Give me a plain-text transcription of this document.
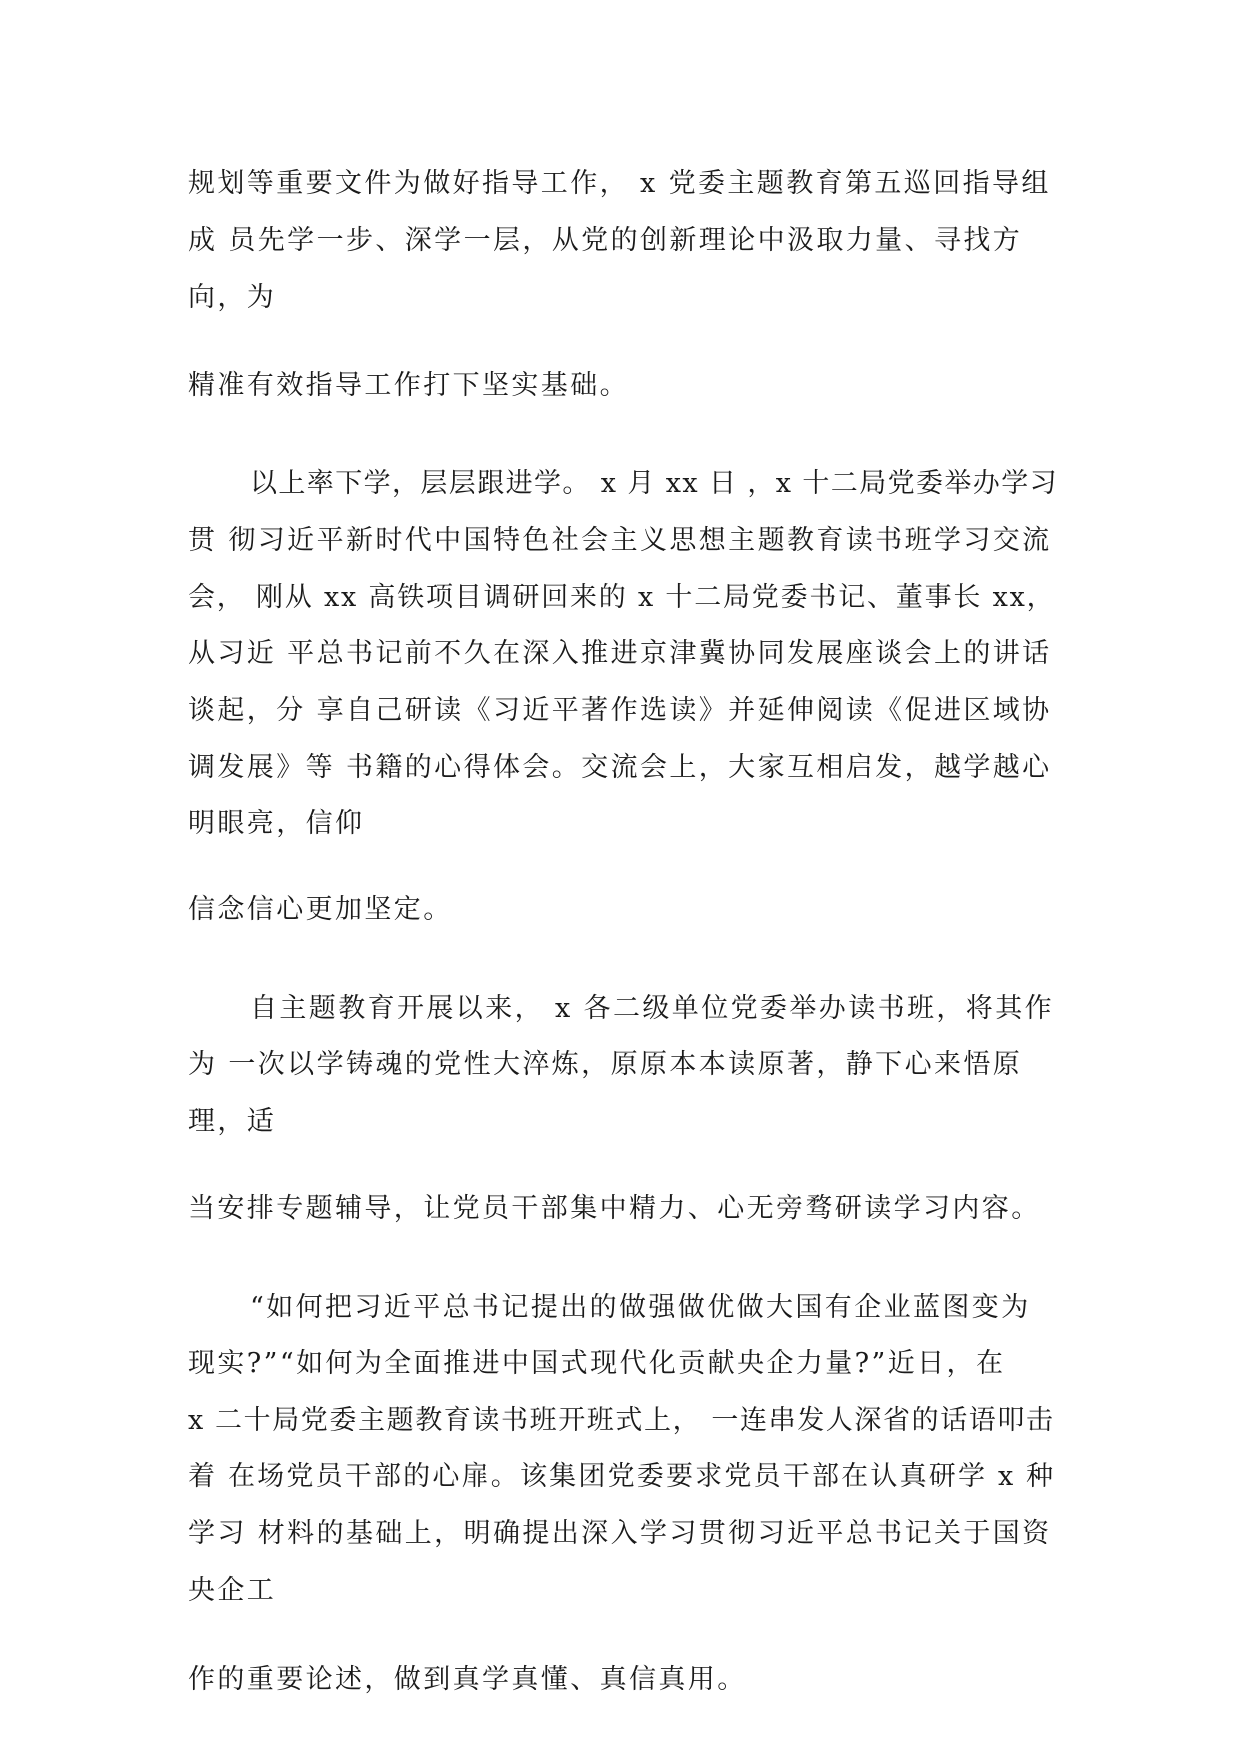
规划等重要文件为做好指导工作， x 党委主题教育第五巡回指导组
成 员先学一步、深学一层，从党的创新理论中汲取力量、寻找方
向，为
精准有效指导工作打下坚实基础。
以上率下学，层层跟进学。 x 月 xx 日 ，x 十二局党委举办学习
贯 彻习近平新时代中国特色社会主义思想主题教育读书班学习交流
会， 刚从 xx 高铁项目调研回来的 x 十二局党委书记、董事长 xx，
从习近 平总书记前不久在深入推进京津冀协同发展座谈会上的讲话
谈起，分 享自己研读《习近平著作选读》并延伸阅读《促进区域协
调发展》等 书籍的心得体会。交流会上，大家互相启发，越学越心
明眼亮，信仰
信念信心更加坚定。
自主题教育开展以来， x 各二级单位党委举办读书班，将其作
为 一次以学铸魂的党性大淬炼，原原本本读原著，静下心来悟原
理，适
当安排专题辅导，让党员干部集中精力、心无旁骛研读学习内容。
“如何把习近平总书记提出的做强做优做大国有企业蓝图变为
现实?”“如何为全面推进中国式现代化贡献央企力量?”近日，在
x 二十局党委主题教育读书班开班式上， 一连串发人深省的话语叩击
着 在场党员干部的心扉。该集团党委要求党员干部在认真研学 x 种
学习 材料的基础上，明确提出深入学习贯彻习近平总书记关于国资
央企工
作的重要论述，做到真学真懂、真信真用。
